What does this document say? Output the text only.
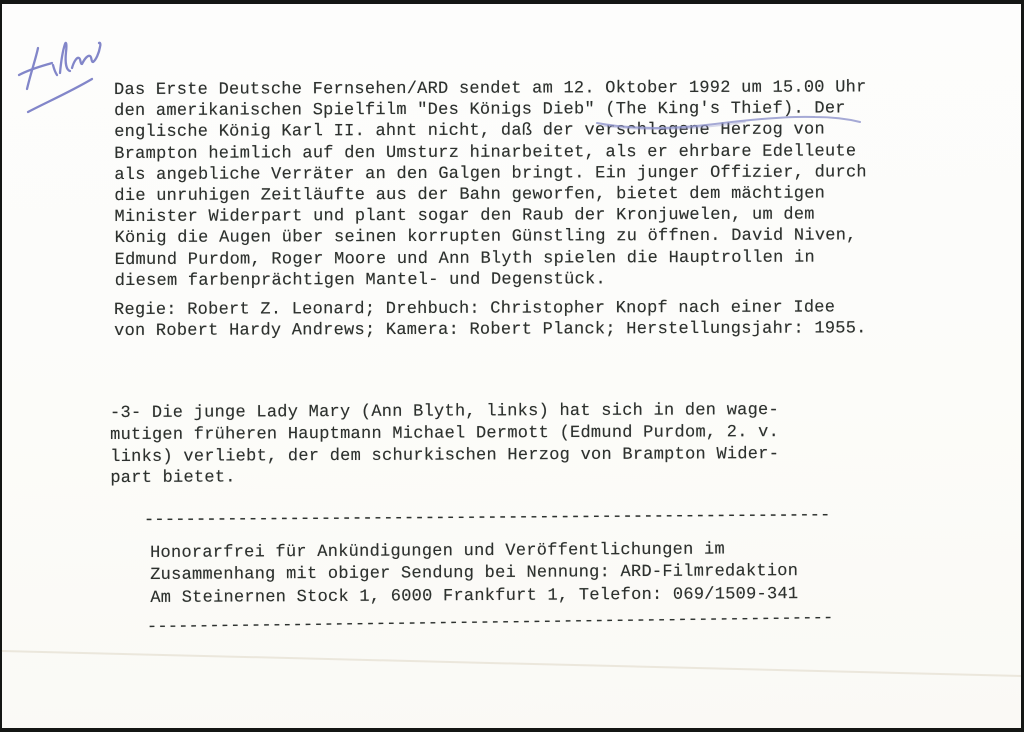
Das Erste Deutsche Fernsehen/ARD sendet am 12. Oktober 1992 um 15.00 Uhr
den amerikanischen Spielfilm "Des Königs Dieb" (The King's Thief). Der
englische König Karl II. ahnt nicht, daß der verschlagene Herzog von
Brampton heimlich auf den Umsturz hinarbeitet, als er ehrbare Edelleute
als angebliche Verräter an den Galgen bringt. Ein junger Offizier, durch
die unruhigen Zeitläufte aus der Bahn geworfen, bietet dem mächtigen
Minister Widerpart und plant sogar den Raub der Kronjuwelen, um dem
König die Augen über seinen korrupten Günstling zu öffnen. David Niven,
Edmund Purdom, Roger Moore und Ann Blyth spielen die Hauptrollen in
diesem farbenprächtigen Mantel- und Degenstück.
Regie: Robert Z. Leonard; Drehbuch: Christopher Knopf nach einer Idee
von Robert Hardy Andrews; Kamera: Robert Planck; Herstellungsjahr: 1955.
-3- Die junge Lady Mary (Ann Blyth, links) hat sich in den wage-
mutigen früheren Hauptmann Michael Dermott (Edmund Purdom, 2. v.
links) verliebt, der dem schurkischen Herzog von Brampton Wider-
part bietet.
------------------------------------------------------------------
Honorarfrei für Ankündigungen und Veröffentlichungen im
Zusammenhang mit obiger Sendung bei Nennung: ARD-Filmredaktion
Am Steinernen Stock 1, 6000 Frankfurt 1, Telefon: 069/1509-341
------------------------------------------------------------------
